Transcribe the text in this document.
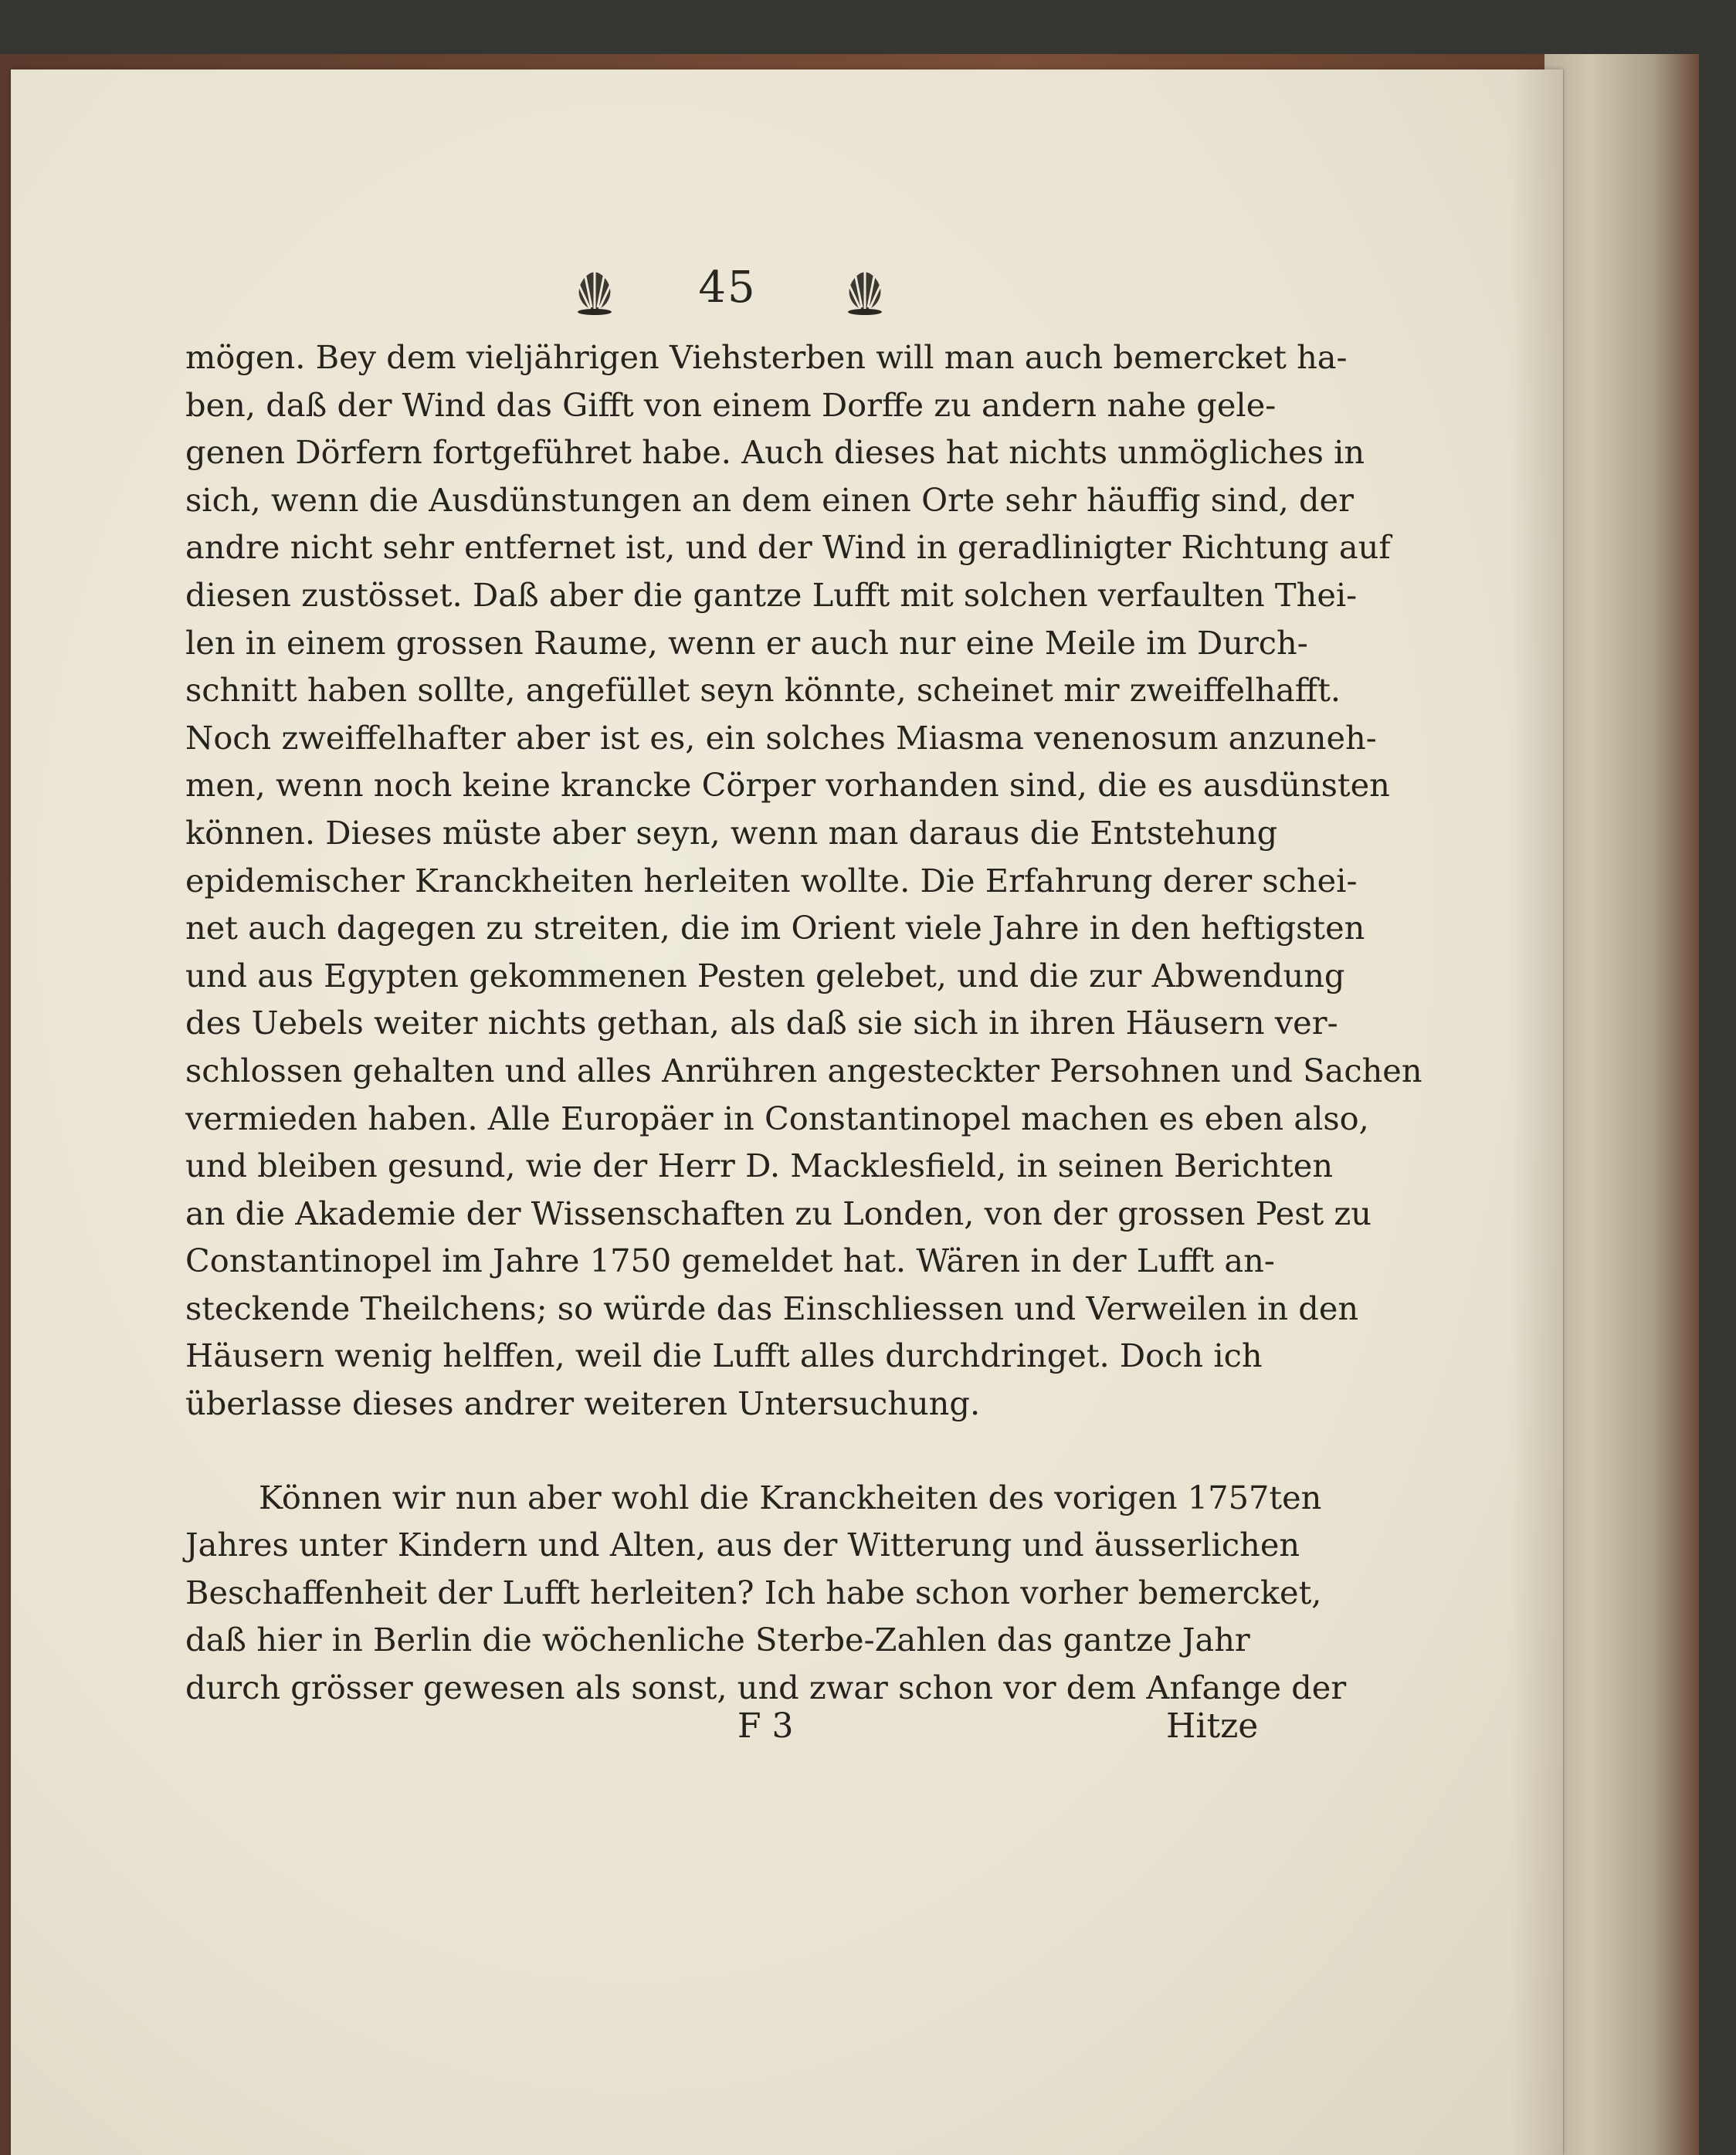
45
mögen. Bey dem vieljährigen Viehsterben will man auch bemercket ha-
ben, daß der Wind das Gifft von einem Dorffe zu andern nahe gele-
genen Dörfern fortgeführet habe. Auch dieses hat nichts unmögliches in
sich, wenn die Ausdünstungen an dem einen Orte sehr häuffig sind, der
andre nicht sehr entfernet ist, und der Wind in geradlinigter Richtung auf
diesen zustösset. Daß aber die gantze Lufft mit solchen verfaulten Thei-
len in einem grossen Raume, wenn er auch nur eine Meile im Durch-
schnitt haben sollte, angefüllet seyn könnte, scheinet mir zweiffelhafft.
Noch zweiffelhafter aber ist es, ein solches Miasma venenosum anzuneh-
men, wenn noch keine krancke Cörper vorhanden sind, die es ausdünsten
können. Dieses müste aber seyn, wenn man daraus die Entstehung
epidemischer Kranckheiten herleiten wollte. Die Erfahrung derer schei-
net auch dagegen zu streiten, die im Orient viele Jahre in den heftigsten
und aus Egypten gekommenen Pesten gelebet, und die zur Abwendung
des Uebels weiter nichts gethan, als daß sie sich in ihren Häusern ver-
schlossen gehalten und alles Anrühren angesteckter Persohnen und Sachen
vermieden haben. Alle Europäer in Constantinopel machen es eben also,
und bleiben gesund, wie der Herr D. Macklesfield, in seinen Berichten
an die Akademie der Wissenschaften zu Londen, von der grossen Pest zu
Constantinopel im Jahre 1750 gemeldet hat. Wären in der Lufft an-
steckende Theilchens; so würde das Einschliessen und Verweilen in den
Häusern wenig helffen, weil die Lufft alles durchdringet. Doch ich
überlasse dieses andrer weiteren Untersuchung.
Können wir nun aber wohl die Kranckheiten des vorigen 1757ten
Jahres unter Kindern und Alten, aus der Witterung und äusserlichen
Beschaffenheit der Lufft herleiten? Ich habe schon vorher bemercket,
daß hier in Berlin die wöchenliche Sterbe-Zahlen das gantze Jahr
durch grösser gewesen als sonst, und zwar schon vor dem Anfange der
F 3	Hitze
